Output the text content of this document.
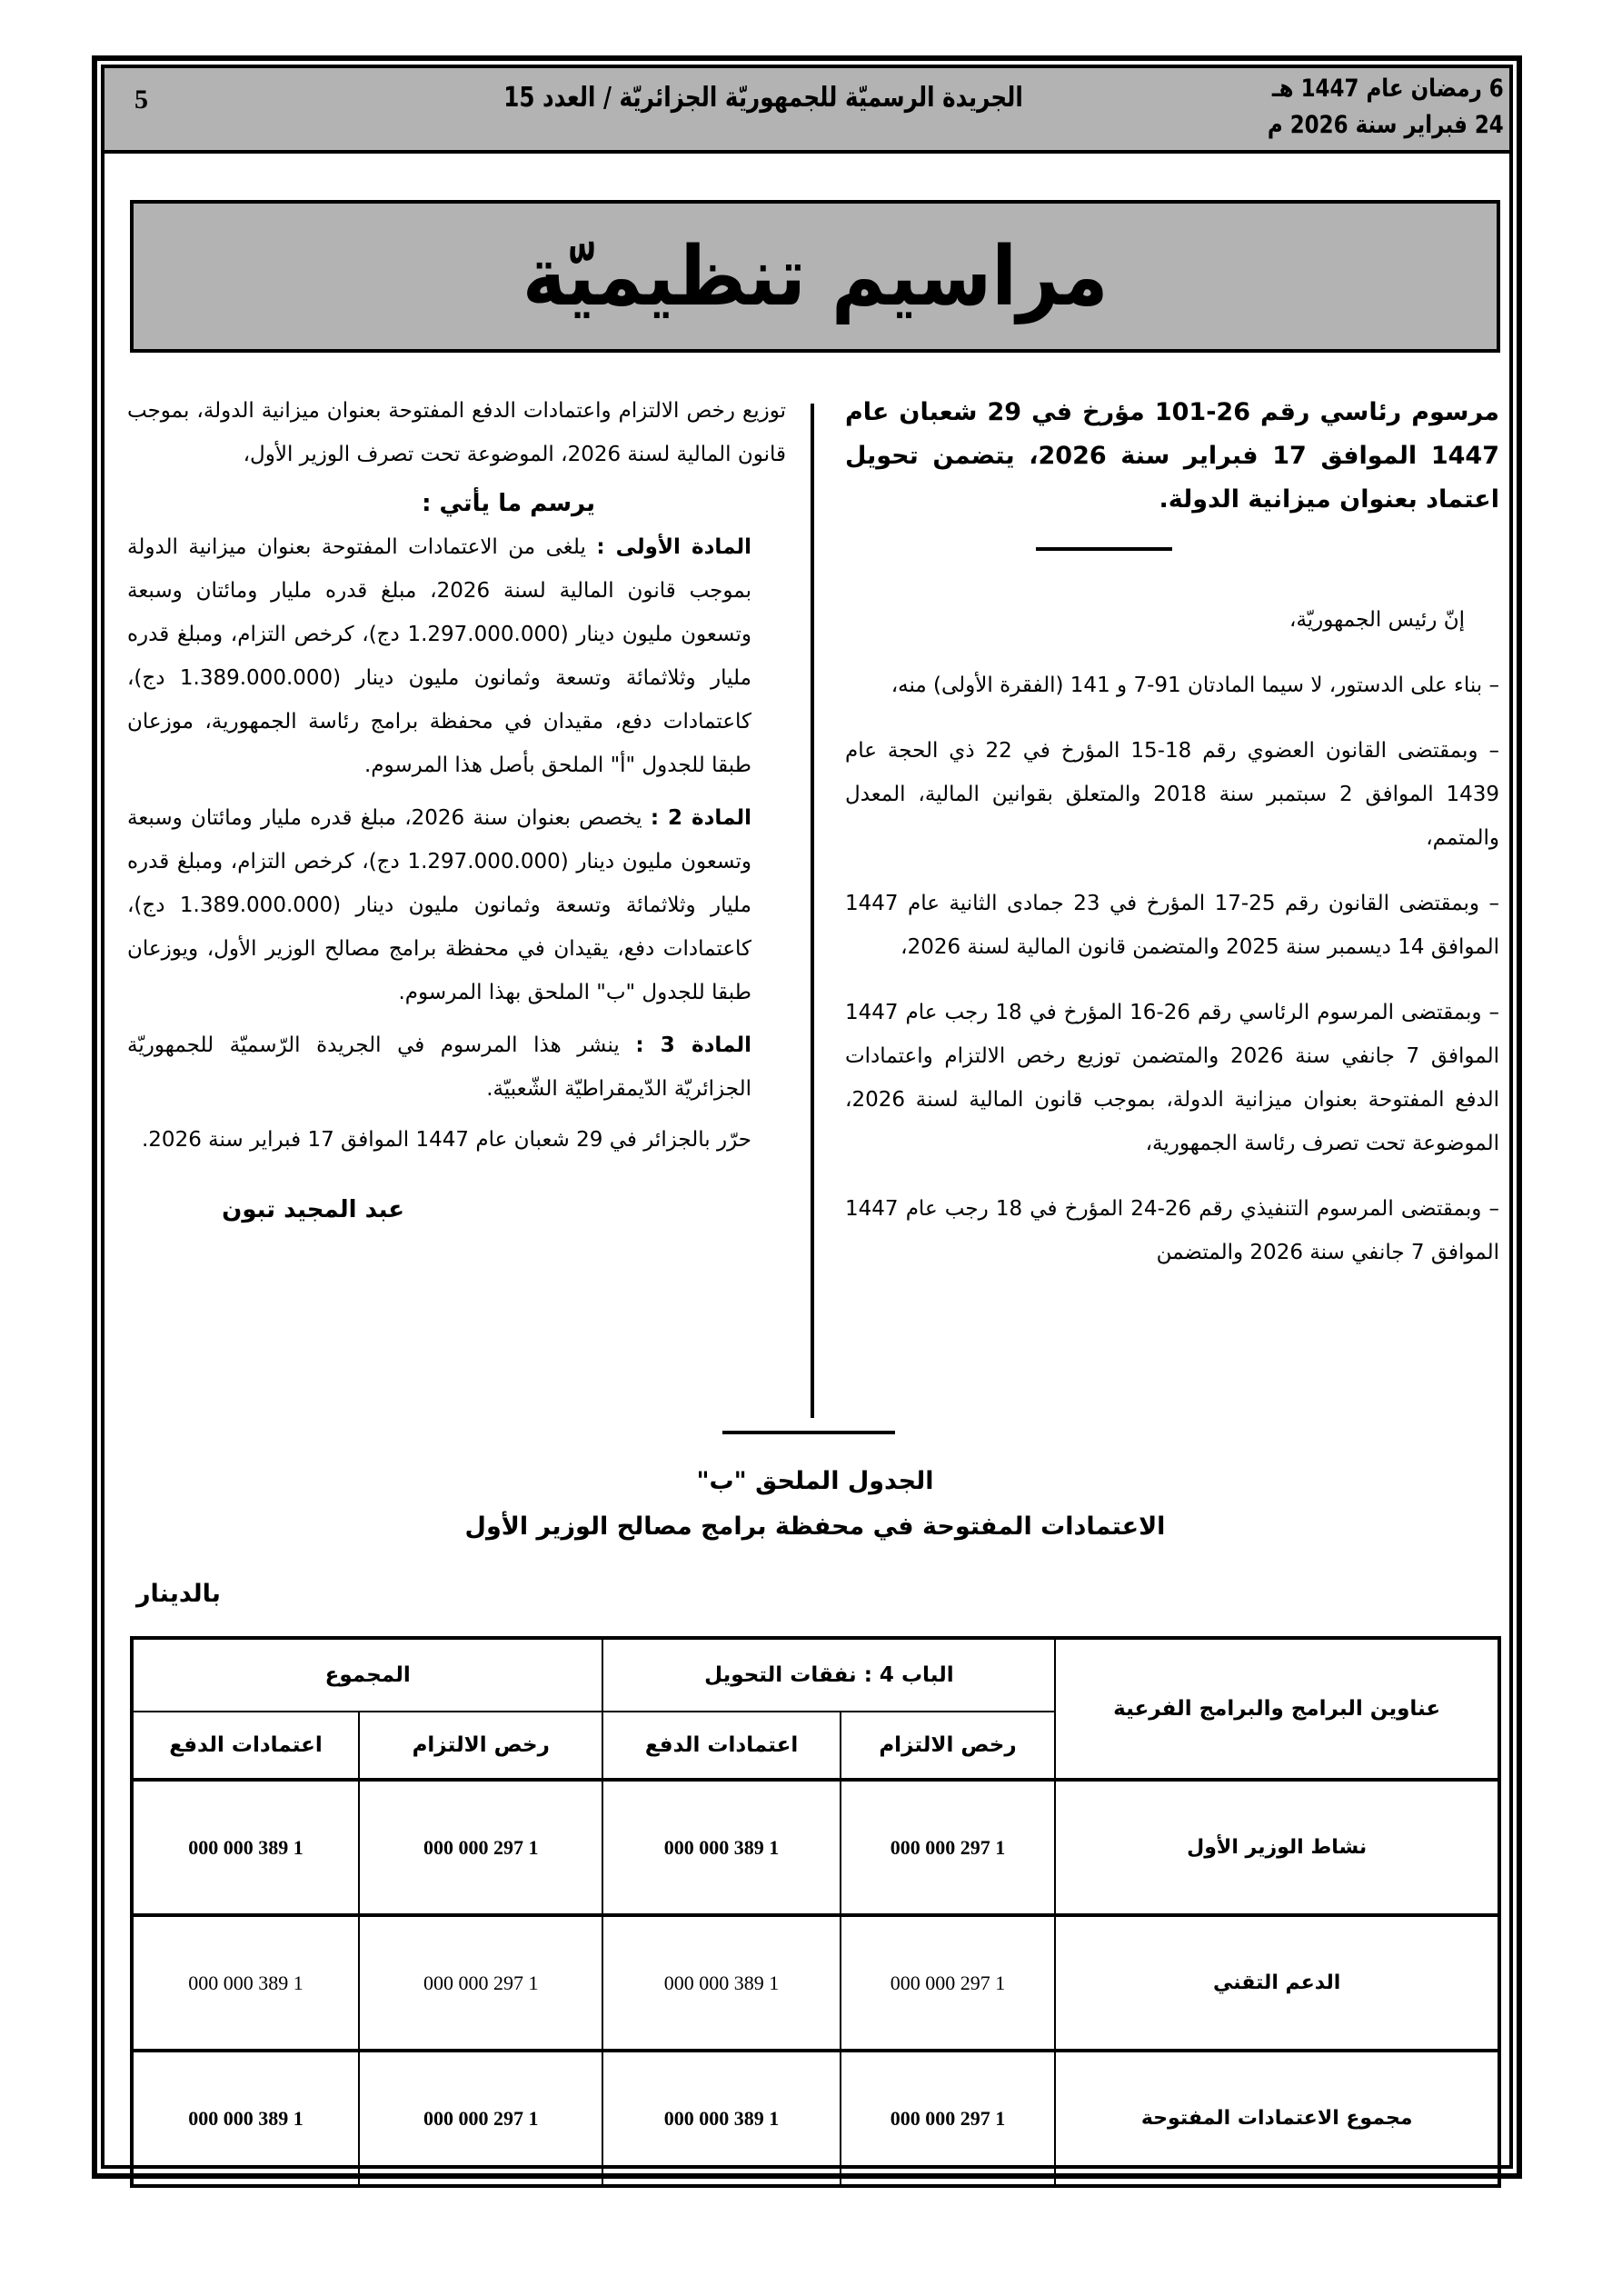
5	الجريدة الرسميّة للجمهوريّة الجزائريّة / العدد 15	6 رمضان عام 1447 هـ
24 فبراير سنة 2026 م
مراسيم تنظيميّة

مرسوم رئاسي رقم 26-101 مؤرخ في 29 شعبان عام 1447 الموافق 17 فبراير سنة 2026، يتضمن تحويل اعتماد بعنوان ميزانية الدولة.

إنّ رئيس الجمهوريّة،

– بناء على الدستور، لا سيما المادتان 91-7 و 141 (الفقرة الأولى) منه،

– وبمقتضى القانون العضوي رقم 18-15 المؤرخ في 22 ذي الحجة عام 1439 الموافق 2 سبتمبر سنة 2018 والمتعلق بقوانين المالية، المعدل والمتمم،

– وبمقتضى القانون رقم 25-17 المؤرخ في 23 جمادى الثانية عام 1447 الموافق 14 ديسمبر سنة 2025 والمتضمن قانون المالية لسنة 2026،

– وبمقتضى المرسوم الرئاسي رقم 26-16 المؤرخ في 18 رجب عام 1447 الموافق 7 جانفي سنة 2026 والمتضمن توزيع رخص الالتزام واعتمادات الدفع المفتوحة بعنوان ميزانية الدولة، بموجب قانون المالية لسنة 2026، الموضوعة تحت تصرف رئاسة الجمهورية،

– وبمقتضى المرسوم التنفيذي رقم 26-24 المؤرخ في 18 رجب عام 1447 الموافق 7 جانفي سنة 2026 والمتضمن

توزيع رخص الالتزام واعتمادات الدفع المفتوحة بعنوان ميزانية الدولة، بموجب قانون المالية لسنة 2026، الموضوعة تحت تصرف الوزير الأول،

يرسم ما يأتي :

المادة الأولى : يلغى من الاعتمادات المفتوحة بعنوان ميزانية الدولة بموجب قانون المالية لسنة 2026، مبلغ قدره مليار ومائتان وسبعة وتسعون مليون دينار (1.297.000.000 دج)، كرخص التزام، ومبلغ قدره مليار وثلاثمائة وتسعة وثمانون مليون دينار (1.389.000.000 دج)، كاعتمادات دفع، مقيدان في محفظة برامج رئاسة الجمهورية، موزعان طبقا للجدول "أ" الملحق بأصل هذا المرسوم.

المادة 2 : يخصص بعنوان سنة 2026، مبلغ قدره مليار ومائتان وسبعة وتسعون مليون دينار (1.297.000.000 دج)، كرخص التزام، ومبلغ قدره مليار وثلاثمائة وتسعة وثمانون مليون دينار (1.389.000.000 دج)، كاعتمادات دفع، يقيدان في محفظة برامج مصالح الوزير الأول، ويوزعان طبقا للجدول "ب" الملحق بهذا المرسوم.

المادة 3 : ينشر هذا المرسوم في الجريدة الرّسميّة للجمهوريّة الجزائريّة الدّيمقراطيّة الشّعبيّة.

حرّر بالجزائر في 29 شعبان عام 1447 الموافق 17 فبراير سنة 2026.

عبد المجيد تبون
الجدول الملحق "ب"
الاعتمادات المفتوحة في محفظة برامج مصالح الوزير الأول
بالدينار
عناوين البرامج والبرامج الفرعية	الباب 4 : نفقات التحويل		المجموع	
	رخص الالتزام	اعتمادات الدفع	رخص الالتزام	اعتمادات الدفع
نشاط الوزير الأول	1 297 000 000	1 389 000 000	1 297 000 000	1 389 000 000
الدعم التقني	1 297 000 000	1 389 000 000	1 297 000 000	1 389 000 000
مجموع الاعتمادات المفتوحة	1 297 000 000	1 389 000 000	1 297 000 000	1 389 000 000
